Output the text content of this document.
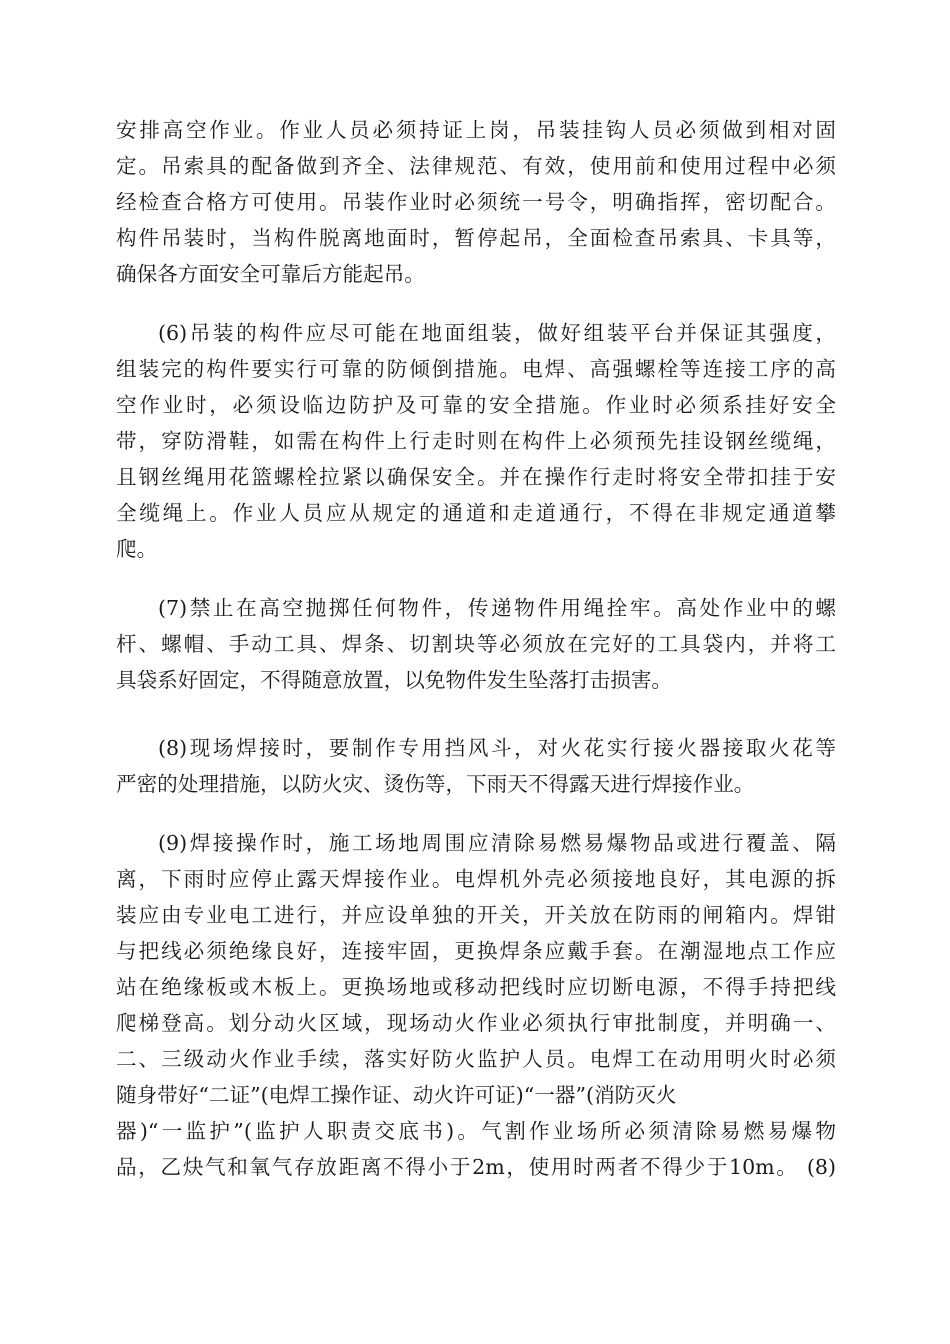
安排高空作业。作业人员必须持证上岗，吊装挂钩人员必须做到相对固
定。吊索具的配备做到齐全、法律规范、有效，使用前和使用过程中必须
经检查合格方可使用。吊装作业时必须统一号令，明确指挥，密切配合。
构件吊装时，当构件脱离地面时，暂停起吊，全面检查吊索具、卡具等，
确保各方面安全可靠后方能起吊。
(6)吊装的构件应尽可能在地面组装，做好组装平台并保证其强度，
组装完的构件要实行可靠的防倾倒措施。电焊、高强螺栓等连接工序的高
空作业时，必须设临边防护及可靠的安全措施。作业时必须系挂好安全
带，穿防滑鞋，如需在构件上行走时则在构件上必须预先挂设钢丝缆绳，
且钢丝绳用花篮螺栓拉紧以确保安全。并在操作行走时将安全带扣挂于安
全缆绳上。作业人员应从规定的通道和走道通行，不得在非规定通道攀
爬。
(7)禁止在高空抛掷任何物件，传递物件用绳拴牢。高处作业中的螺
杆、螺帽、手动工具、焊条、切割块等必须放在完好的工具袋内，并将工
具袋系好固定，不得随意放置，以免物件发生坠落打击损害。
(8)现场焊接时，要制作专用挡风斗，对火花实行接火器接取火花等
严密的处理措施，以防火灾、烫伤等，下雨天不得露天进行焊接作业。
(9)焊接操作时，施工场地周围应清除易燃易爆物品或进行覆盖、隔
离，下雨时应停止露天焊接作业。电焊机外壳必须接地良好，其电源的拆
装应由专业电工进行，并应设单独的开关，开关放在防雨的闸箱内。焊钳
与把线必须绝缘良好，连接牢固，更换焊条应戴手套。在潮湿地点工作应
站在绝缘板或木板上。更换场地或移动把线时应切断电源，不得手持把线
爬梯登高。划分动火区域，现场动火作业必须执行审批制度，并明确一、
二、三级动火作业手续，落实好防火监护人员。电焊工在动用明火时必须
随身带好“二证”(电焊工操作证、动火许可证)“一器”(消防灭火
器)“一监护”(监护人职责交底书)。气割作业场所必须清除易燃易爆物
品，乙炔气和氧气存放距离不得小于2m，使用时两者不得少于10m。 (8)
